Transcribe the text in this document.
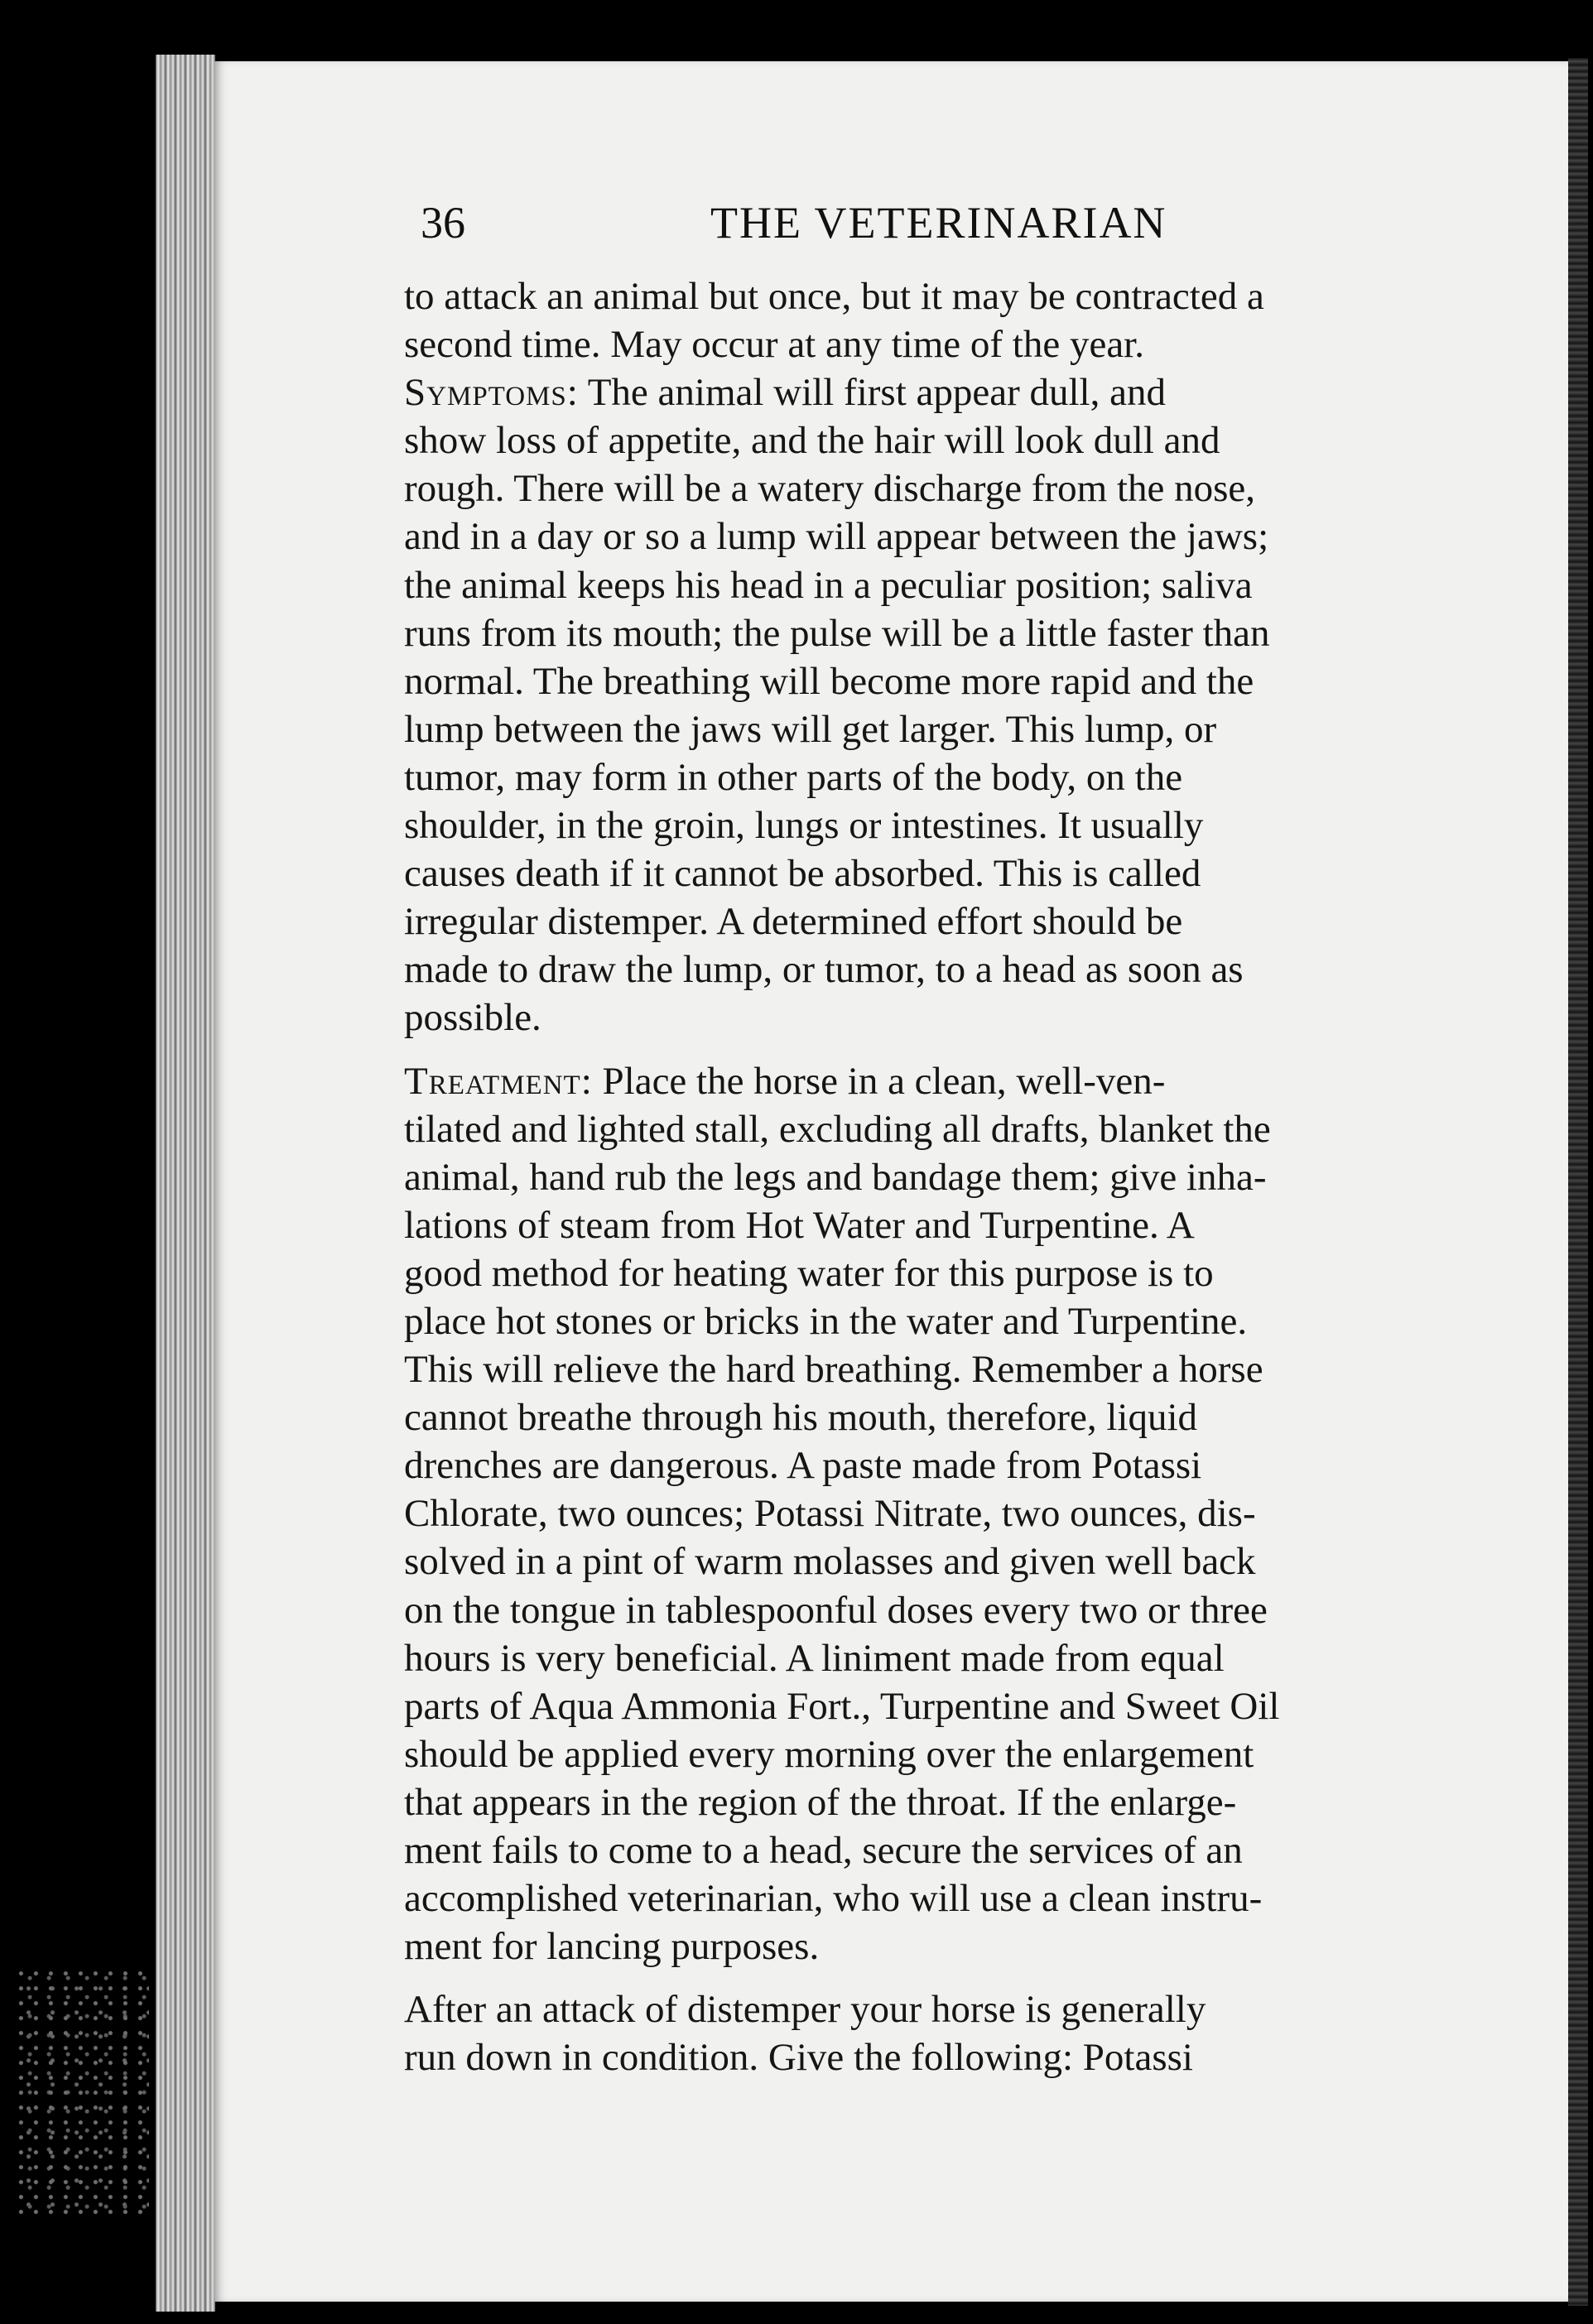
36	THE VETERINARIAN
to attack an animal but once, but it may be contracted a
second time. May occur at any time of the year.
Symptoms: The animal will first appear dull, and
show loss of appetite, and the hair will look dull and
rough. There will be a watery discharge from the nose,
and in a day or so a lump will appear between the jaws;
the animal keeps his head in a peculiar position; saliva
runs from its mouth; the pulse will be a little faster than
normal. The breathing will become more rapid and the
lump between the jaws will get larger. This lump, or
tumor, may form in other parts of the body, on the
shoulder, in the groin, lungs or intestines. It usually
causes death if it cannot be absorbed. This is called
irregular distemper. A determined effort should be
made to draw the lump, or tumor, to a head as soon as
possible.
Treatment: Place the horse in a clean, well-ven-
tilated and lighted stall, excluding all drafts, blanket the
animal, hand rub the legs and bandage them; give inha-
lations of steam from Hot Water and Turpentine. A
good method for heating water for this purpose is to
place hot stones or bricks in the water and Turpentine.
This will relieve the hard breathing. Remember a horse
cannot breathe through his mouth, therefore, liquid
drenches are dangerous. A paste made from Potassi
Chlorate, two ounces; Potassi Nitrate, two ounces, dis-
solved in a pint of warm molasses and given well back
on the tongue in tablespoonful doses every two or three
hours is very beneficial. A liniment made from equal
parts of Aqua Ammonia Fort., Turpentine and Sweet Oil
should be applied every morning over the enlargement
that appears in the region of the throat. If the enlarge-
ment fails to come to a head, secure the services of an
accomplished veterinarian, who will use a clean instru-
ment for lancing purposes.
After an attack of distemper your horse is generally
run down in condition. Give the following: Potassi
